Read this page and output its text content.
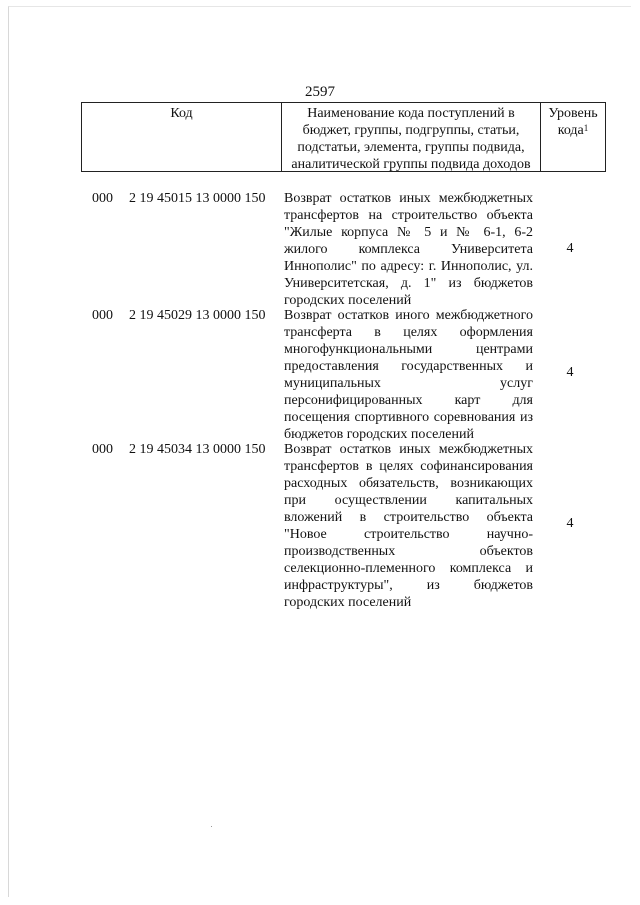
2597
Код	Наименование кода поступлений в бюджет, группы, подгруппы, статьи, подстатьи, элемента, группы подвида, аналитической группы подвида доходов
Уровень кода$^1$
000 2 19 45015 13 0000 150 Возврат остатков иных межбюджетных трансфертов на строительство объекта "Жилые корпуса № 5 и № 6-1, 6-2 жилого комплекса Университета Иннополис" по адресу: г. Иннополис, ул. Университетская, д. 1" из бюджетов городских поселений
4
000 2 19 45029 13 0000 150 Возврат остатков иного межбюджетного трансферта в целях оформления многофункциональными центрами предоставления государственных и муниципальных услуг персонифицированных карт для посещения спортивного соревнования из бюджетов городских поселений
4
000 2 19 45034 13 0000 150 Возврат остатков иных межбюджетных трансфертов в целях софинансирования расходных обязательств, возникающих при осуществлении капитальных вложений в строительство объекта "Новое строительство научно-производственных объектов селекционно-племенного комплекса и инфраструктуры", из бюджетов городских поселений
4
